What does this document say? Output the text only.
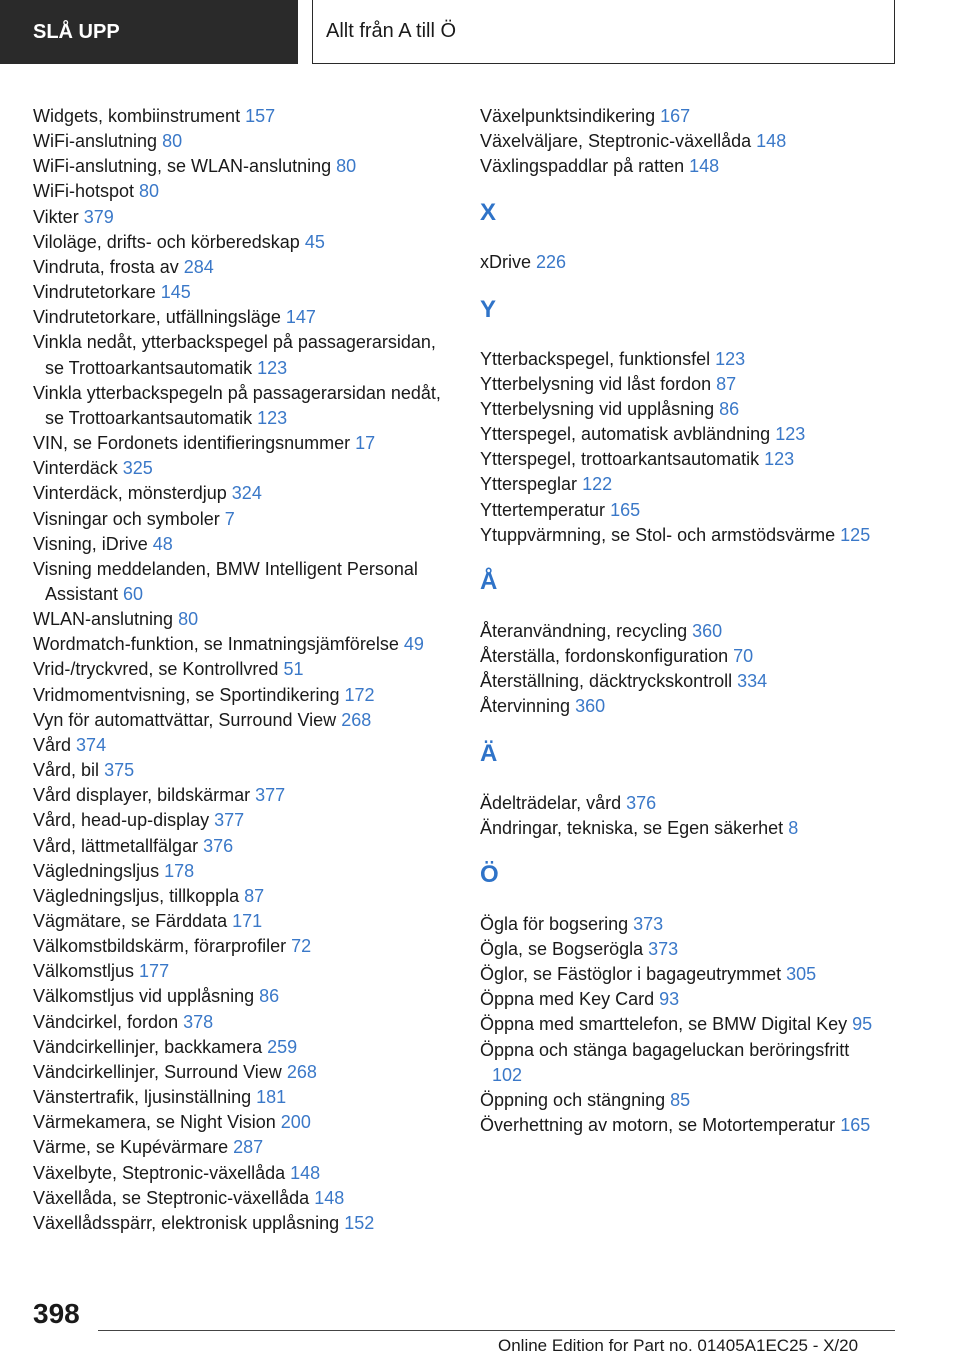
SLÅ UPP	Allt från A till Ö
Widgets, kombiinstrument 157
WiFi-anslutning 80
WiFi-anslutning, se WLAN-anslutning 80
WiFi-hotspot 80
Vikter 379
Viloläge, drifts- och körberedskap 45
Vindruta, frosta av 284
Vindrutetorkare 145
Vindrutetorkare, utfällningsläge 147
Vinkla nedåt, ytterbackspegel på passagerarsidan, se Trottoarkantsautomatik 123
Vinkla ytterbackspegeln på passagerarsidan nedåt, se Trottoarkantsautomatik 123
VIN, se Fordonets identifieringsnummer 17
Vinterdäck 325
Vinterdäck, mönsterdjup 324
Visningar och symboler 7
Visning, iDrive 48
Visning meddelanden, BMW Intelligent Personal Assistant 60
WLAN-anslutning 80
Wordmatch-funktion, se Inmatningsjämförelse 49
Vrid-/tryckvred, se Kontrollvred 51
Vridmomentvisning, se Sportindikering 172
Vyn för automattvättar, Surround View 268
Vård 374
Vård, bil 375
Vård displayer, bildskärmar 377
Vård, head-up-display 377
Vård, lättmetallfälgar 376
Vägledningsljus 178
Vägledningsljus, tillkoppla 87
Vägmätare, se Färddata 171
Välkomstbildskärm, förarprofiler 72
Välkomstljus 177
Välkomstljus vid upplåsning 86
Vändcirkel, fordon 378
Vändcirkellinjer, backkamera 259
Vändcirkellinjer, Surround View 268
Vänstertrafik, ljusinställning 181
Värmekamera, se Night Vision 200
Värme, se Kupévärmare 287
Växelbyte, Steptronic-växellåda 148
Växellåda, se Steptronic-växellåda 148
Växellådsspärr, elektronisk upplåsning 152
Växelpunktsindikering 167
Växelväljare, Steptronic-växellåda 148
Växlingspaddlar på ratten 148
X
xDrive 226
Y
Ytterbackspegel, funktionsfel 123
Ytterbelysning vid låst fordon 87
Ytterbelysning vid upplåsning 86
Ytterspegel, automatisk avbländning 123
Ytterspegel, trottoarkantsautomatik 123
Ytterspeglar 122
Yttertemperatur 165
Ytuppvärmning, se Stol- och armstödsvärme 125
Å
Återanvändning, recycling 360
Återställa, fordonskonfiguration 70
Återställning, däcktryckskontroll 334
Återvinning 360
Ä
Ädelträdelar, vård 376
Ändringar, tekniska, se Egen säkerhet 8
Ö
Ögla för bogsering 373
Ögla, se Bogserögla 373
Öglor, se Fästöglor i bagageutrymmet 305
Öppna med Key Card 93
Öppna med smarttelefon, se BMW Digital Key 95
Öppna och stänga bagageluckan beröringsfritt 102
Öppning och stängning 85
Överhettning av motorn, se Motortemperatur 165
398
Online Edition for Part no. 01405A1EC25 - X/20
